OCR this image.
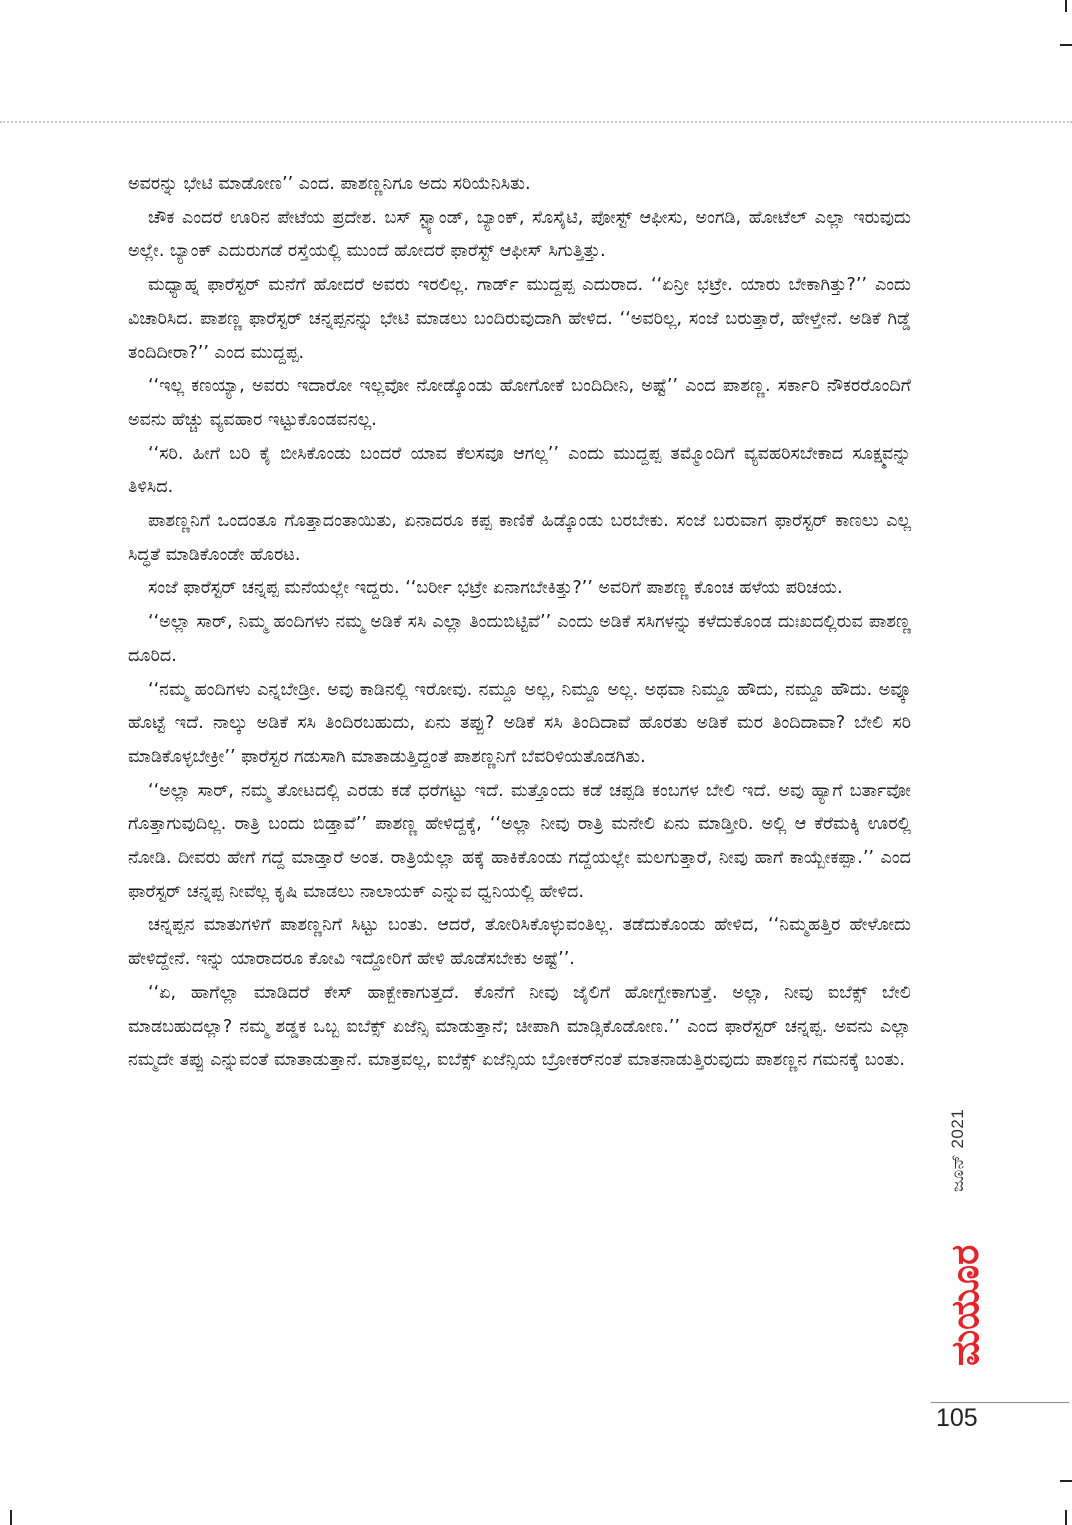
ಅವರನ್ನು ಭೇಟಿ ಮಾಡೋಣ’’ ಎಂದ. ಪಾಶಣ್ಣನಿಗೂ ಅದು ಸರಿಯೆನಿಸಿತು.

ಚೌಕ ಎಂದರೆ ಊರಿನ ಪೇಟೆಯ ಪ್ರದೇಶ. ಬಸ್ ಸ್ಟ್ಯಾಂಡ್, ಬ್ಯಾಂಕ್, ಸೊಸೈಟಿ, ಪೋಸ್ಟ್ ಆಫೀಸು, ಅಂಗಡಿ, ಹೋಟೆಲ್ ಎಲ್ಲಾ ಇರುವುದು ಅಲ್ಲೇ. ಬ್ಯಾಂಕ್ ಎದುರುಗಡೆ ರಸ್ತೆಯಲ್ಲಿ ಮುಂದೆ ಹೋದರೆ ಫಾರೆಸ್ಟ್ ಆಫೀಸ್ ಸಿಗುತ್ತಿತ್ತು.

ಮಧ್ಯಾಹ್ನ ಫಾರೆಸ್ಟರ್ ಮನೆಗೆ ಹೋದರೆ ಅವರು ಇರಲಿಲ್ಲ. ಗಾರ್ಡ್ ಮುದ್ದಪ್ಪ ಎದುರಾದ. ‘‘ಏನ್ರೀ ಭಟ್ರೇ. ಯಾರು ಬೇಕಾಗಿತ್ತು?’’ ಎಂದು ವಿಚಾರಿಸಿದ. ಪಾಶಣ್ಣ ಫಾರೆಸ್ಟರ್ ಚನ್ನಪ್ಪನನ್ನು ಭೇಟಿ ಮಾಡಲು ಬಂದಿರುವುದಾಗಿ ಹೇಳಿದ. ‘‘ಅವರಿಲ್ಲ, ಸಂಜೆ ಬರುತ್ತಾರೆ, ಹೇಳ್ತೇನೆ. ಅಡಿಕೆ ಗಿಡ್ಡೆ ತಂದಿದೀರಾ?’’ ಎಂದ ಮುದ್ದಪ್ಪ.

‘‘ಇಲ್ಲ ಕಣಯ್ಯಾ, ಅವರು ಇದಾರೋ ಇಲ್ಲವೋ ನೋಡ್ಕೊಂಡು ಹೋಗೋಕೆ ಬಂದಿದೀನಿ, ಅಷ್ಟೆ’’ ಎಂದ ಪಾಶಣ್ಣ. ಸರ್ಕಾರಿ ನೌಕರರೊಂದಿಗೆ ಅವನು ಹೆಚ್ಚು ವ್ಯವಹಾರ ಇಟ್ಟುಕೊಂಡವನಲ್ಲ.

‘‘ಸರಿ. ಹೀಗೆ ಬರಿ ಕೈ ಬೀಸಿಕೊಂಡು ಬಂದರೆ ಯಾವ ಕೆಲಸವೂ ಆಗಲ್ಲ’’ ಎಂದು ಮುದ್ದಪ್ಪ ತಮ್ಮೊಂದಿಗೆ ವ್ಯವಹರಿಸಬೇಕಾದ ಸೂಕ್ಷ್ಮವನ್ನು ತಿಳಿಸಿದ.

ಪಾಶಣ್ಣನಿಗೆ ಒಂದಂತೂ ಗೊತ್ತಾದಂತಾಯಿತು, ಏನಾದರೂ ಕಪ್ಪ ಕಾಣಿಕೆ ಹಿಡ್ಕೊಂಡು ಬರಬೇಕು. ಸಂಜೆ ಬರುವಾಗ ಫಾರೆಸ್ಟರ್ ಕಾಣಲು ಎಲ್ಲ ಸಿದ್ಧತೆ ಮಾಡಿಕೊಂಡೇ ಹೊರಟ.

ಸಂಜೆ ಫಾರೆಸ್ಟರ್ ಚನ್ನಪ್ಪ ಮನೆಯಲ್ಲೇ ಇದ್ದರು. ‘‘ಬರ್ರೀ ಭಟ್ರೇ ಏನಾಗಬೇಕಿತ್ತು?’’ ಅವರಿಗೆ ಪಾಶಣ್ಣ ಕೊಂಚ ಹಳೆಯ ಪರಿಚಯ.

‘‘ಅಲ್ಲಾ ಸಾರ್, ನಿಮ್ಮ ಹಂದಿಗಳು ನಮ್ಮ ಅಡಿಕೆ ಸಸಿ ಎಲ್ಲಾ ತಿಂದುಬಿಟ್ಟಿವೆ’’ ಎಂದು ಅಡಿಕೆ ಸಸಿಗಳನ್ನು ಕಳೆದುಕೊಂಡ ದುಃಖದಲ್ಲಿರುವ ಪಾಶಣ್ಣ ದೂರಿದ.

‘‘ನಮ್ಮ ಹಂದಿಗಳು ಎನ್ನಬೇಡ್ರೀ. ಅವು ಕಾಡಿನಲ್ಲಿ ಇರೋವು. ನಮ್ದೂ ಅಲ್ಲ, ನಿಮ್ದೂ ಅಲ್ಲ. ಅಥವಾ ನಿಮ್ದೂ ಹೌದು, ನಮ್ದೂ ಹೌದು. ಅವ್ಕೂ ಹೊಟ್ಟೆ ಇದೆ. ನಾಲ್ಕು ಅಡಿಕೆ ಸಸಿ ತಿಂದಿರಬಹುದು, ಏನು ತಪ್ಪು? ಅಡಿಕೆ ಸಸಿ ತಿಂದಿದಾವೆ ಹೊರತು ಅಡಿಕೆ ಮರ ತಿಂದಿದಾವಾ? ಬೇಲಿ ಸರಿ ಮಾಡಿಕೊಳ್ಳಬೇಕ್ರೀ’’ ಫಾರೆಸ್ಟರ ಗಡುಸಾಗಿ ಮಾತಾಡುತ್ತಿದ್ದಂತೆ ಪಾಶಣ್ಣನಿಗೆ ಬೆವರಿಳಿಯತೊಡಗಿತು.

‘‘ಅಲ್ಲಾ ಸಾರ್, ನಮ್ಮ ತೋಟದಲ್ಲಿ ಎರಡು ಕಡೆ ಧರೆಗಟ್ಟು ಇದೆ. ಮತ್ತೊಂದು ಕಡೆ ಚಪ್ಪಡಿ ಕಂಬಗಳ ಬೇಲಿ ಇದೆ. ಅವು ಹ್ಯಾಗೆ ಬರ್ತಾವೋ ಗೊತ್ತಾಗುವುದಿಲ್ಲ. ರಾತ್ರಿ ಬಂದು ಬಿಡ್ತಾವೆ’’ ಪಾಶಣ್ಣ ಹೇಳಿದ್ದಕ್ಕೆ, ‘‘ಅಲ್ಲಾ ನೀವು ರಾತ್ರಿ ಮನೇಲಿ ಏನು ಮಾಡ್ತೀರಿ. ಅಲ್ಲಿ ಆ ಕೆರೆಮಕ್ಕಿ ಊರಲ್ಲಿ ನೋಡಿ. ದೀವರು ಹೇಗೆ ಗದ್ದೆ ಮಾಡ್ತಾರೆ ಅಂತ. ರಾತ್ರಿಯೆಲ್ಲಾ ಹಕ್ಕೆ ಹಾಕಿಕೊಂಡು ಗದ್ದೆಯಲ್ಲೇ ಮಲಗುತ್ತಾರೆ, ನೀವು ಹಾಗೆ ಕಾಯ್ಬೇಕಪ್ಪಾ.’’ ಎಂದ ಫಾರೆಸ್ಟರ್ ಚನ್ನಪ್ಪ ನೀವೆಲ್ಲ ಕೃಷಿ ಮಾಡಲು ನಾಲಾಯಕ್ ಎನ್ನುವ ಧ್ವನಿಯಲ್ಲಿ ಹೇಳಿದ.

ಚನ್ನಪ್ಪನ ಮಾತುಗಳಿಗೆ ಪಾಶಣ್ಣನಿಗೆ ಸಿಟ್ಟು ಬಂತು. ಆದರೆ, ತೋರಿಸಿಕೊಳ್ಳುವಂತಿಲ್ಲ. ತಡೆದುಕೊಂಡು ಹೇಳಿದ, ‘‘ನಿಮ್ಮಹತ್ತಿರ ಹೇಳೋದು ಹೇಳಿದ್ದೇನೆ. ಇನ್ನು ಯಾರಾದರೂ ಕೋವಿ ಇದ್ದೋರಿಗೆ ಹೇಳಿ ಹೊಡೆಸಬೇಕು ಅಷ್ಟೆ’’.

‘‘ಏ, ಹಾಗೆಲ್ಲಾ ಮಾಡಿದರೆ ಕೇಸ್ ಹಾಕ್ಬೇಕಾಗುತ್ತದೆ. ಕೊನೆಗೆ ನೀವು ಜೈಲಿಗೆ ಹೋಗ್ಬೇಕಾಗುತ್ತೆ. ಅಲ್ಲಾ, ನೀವು ಐಬೆಕ್ಸ್ ಬೇಲಿ ಮಾಡಬಹುದಲ್ಲಾ? ನಮ್ಮ ಶಡ್ಡಕ ಒಬ್ಬ ಐಬೆಕ್ಸ್ ಏಜೆನ್ಸಿ ಮಾಡುತ್ತಾನೆ; ಚೀಪಾಗಿ ಮಾಡ್ಸಿಕೊಡೋಣ.’’ ಎಂದ ಫಾರೆಸ್ಟರ್ ಚನ್ನಪ್ಪ. ಅವನು ಎಲ್ಲಾ ನಮ್ಮದೇ ತಪ್ಪು ಎನ್ನುವಂತೆ ಮಾತಾಡುತ್ತಾನೆ. ಮಾತ್ರವಲ್ಲ, ಐಬೆಕ್ಸ್ ಏಜೆನ್ಸಿಯ ಬ್ರೋಕರ್‌ನಂತೆ ಮಾತನಾಡುತ್ತಿರುವುದು ಪಾಶಣ್ಣನ ಗಮನಕ್ಕೆ ಬಂತು.

ಜೂನ್ 2021
ಮಯೂರ
105
